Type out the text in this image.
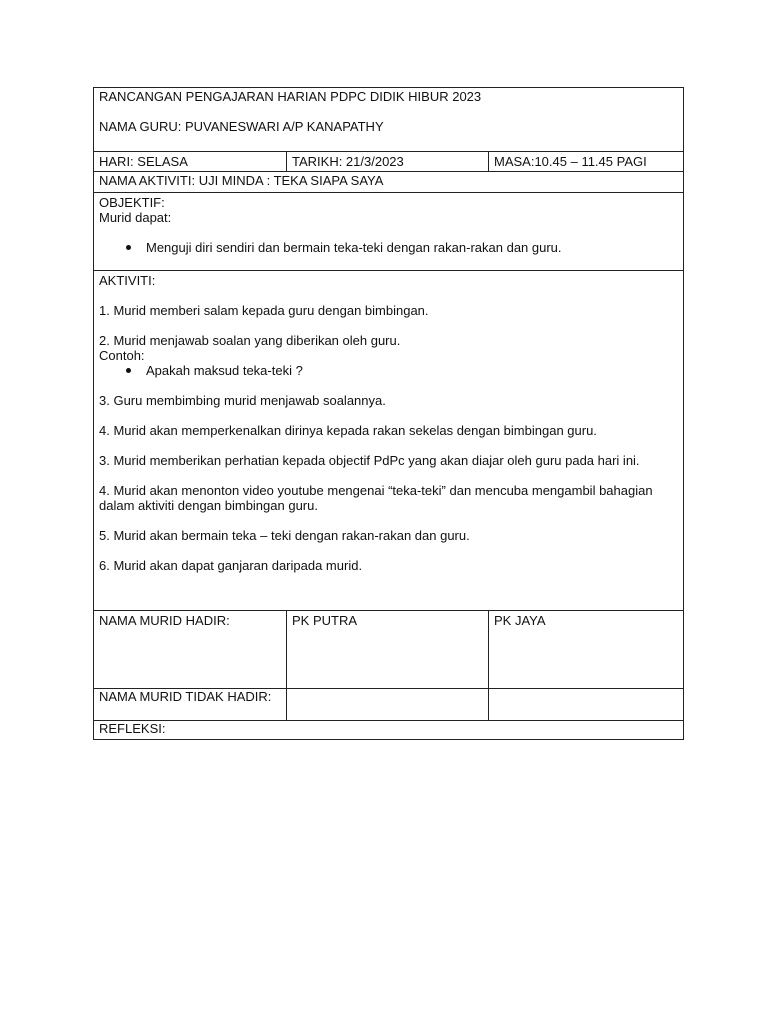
RANCANGAN PENGAJARAN HARIAN PDPC DIDIK HIBUR 2023

NAMA GURU: PUVANESWARI A/P KANAPATHY

HARI: SELASA	TARIKH: 21/3/2023	MASA:10.45 – 11.45 PAGI
NAMA AKTIVITI: UJI MINDA : TEKA SIAPA SAYA

OBJEKTIF:

Murid dapat:

Menguji diri sendiri dan bermain teka-teki dengan rakan-rakan dan guru.

AKTIVITI:

1. Murid memberi salam kepada guru dengan bimbingan.

2. Murid menjawab soalan yang diberikan oleh guru.

Contoh:

Apakah maksud teka-teki ?

3. Guru membimbing murid menjawab soalannya.

4. Murid akan memperkenalkan dirinya kepada rakan sekelas dengan bimbingan guru.

3. Murid memberikan perhatian kepada objectif PdPc yang akan diajar oleh guru pada hari ini.

4. Murid akan menonton video youtube mengenai “teka-teki” dan mencuba mengambil bahagian dalam aktiviti dengan bimbingan guru.

5. Murid akan bermain teka – teki dengan rakan-rakan dan guru.

6. Murid akan dapat ganjaran daripada murid.

NAMA MURID HADIR:	PK PUTRA	PK JAYA
NAMA MURID TIDAK HADIR:
REFLEKSI:
